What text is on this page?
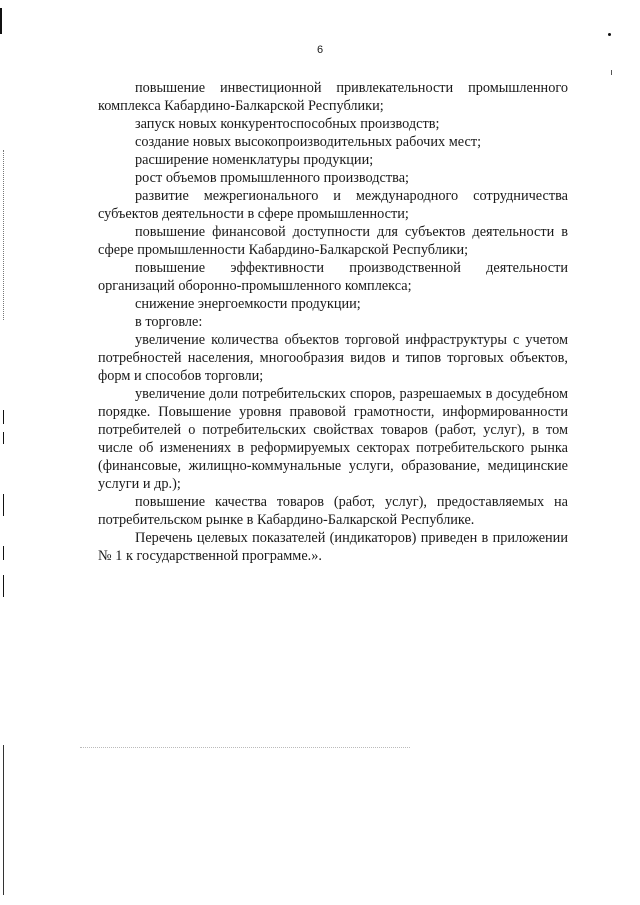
6

повышение инвестиционной привлекательности промышленного комплекса Кабардино-Балкарской Республики;

запуск новых конкурентоспособных производств;

создание новых высокопроизводительных рабочих мест;

расширение номенклатуры продукции;

рост объемов промышленного производства;

развитие межрегионального и международного сотрудничества субъектов деятельности в сфере промышленности;

повышение финансовой доступности для субъектов деятельности в сфере промышленности Кабардино-Балкарской Республики;

повышение эффективности производственной деятельности организаций оборонно-промышленного комплекса;

снижение энергоемкости продукции;

в торговле:

увеличение количества объектов торговой инфраструктуры с учетом потребностей населения, многообразия видов и типов торговых объектов, форм и способов торговли;

увеличение доли потребительских споров, разрешаемых в досудебном порядке. Повышение уровня правовой грамотности, информированности потребителей о потребительских свойствах товаров (работ, услуг), в том числе об изменениях в реформируемых секторах потребительского рынка (финансовые, жилищно-коммунальные услуги, образование, медицинские услуги и др.);

повышение качества товаров (работ, услуг), предоставляемых на потребительском рынке в Кабардино-Балкарской Республике.

Перечень целевых показателей (индикаторов) приведен в приложении № 1 к государственной программе.».
